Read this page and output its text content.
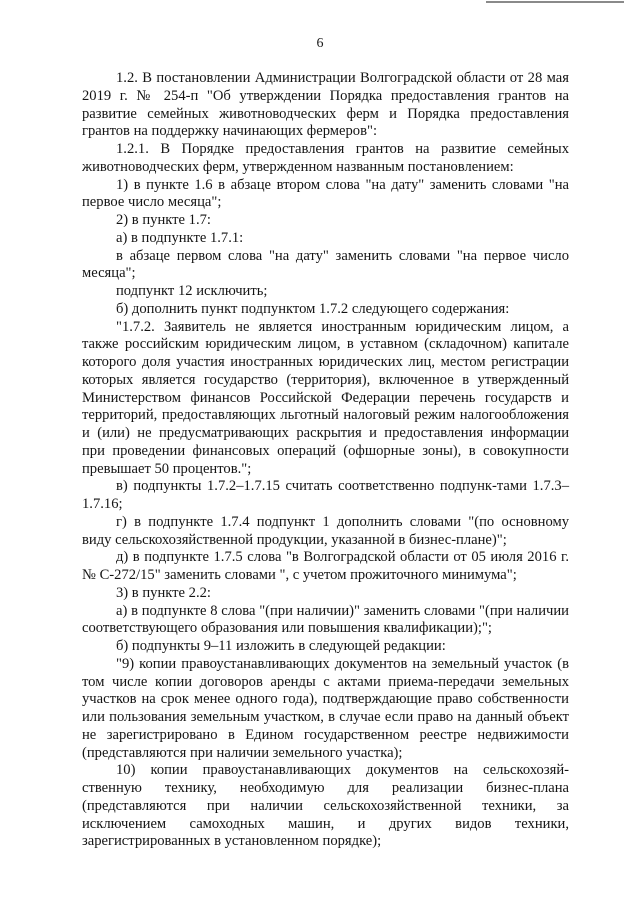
6

1.2. В постановлении Администрации Волгоградской области от 28 мая 2019 г. № 254-п "Об утверждении Порядка предоставления грантов на развитие семейных животноводческих ферм и Порядка предоставления грантов на поддержку начинающих фермеров":

1.2.1. В Порядке предоставления грантов на развитие семейных животноводческих ферм, утвержденном названным постановлением:

1) в пункте 1.6 в абзаце втором слова "на дату" заменить словами "на первое число месяца";

2) в пункте 1.7:

а) в подпункте 1.7.1:

в абзаце первом слова "на дату" заменить словами "на первое число месяца";

подпункт 12 исключить;

б) дополнить пункт подпунктом 1.7.2 следующего содержания:

"1.7.2. Заявитель не является иностранным юридическим лицом, а также российским юридическим лицом, в уставном (складочном) капитале которого доля участия иностранных юридических лиц, местом регистрации которых является государство (территория), включенное в утвержденный Министерством финансов Российской Федерации перечень государств и территорий, предоставляющих льготный налоговый режим налогообложения и (или) не предусматривающих раскрытия и предоставления информации при проведении финансовых операций (офшорные зоны), в совокупности превышает 50 процентов.";

в) подпункты 1.7.2–1.7.15 считать соответственно подпунк-тами 1.7.3–1.7.16;

г) в подпункте 1.7.4 подпункт 1 дополнить словами "(по основному виду сельскохозяйственной продукции, указанной в бизнес-плане)";

д) в подпункте 1.7.5 слова "в Волгоградской области от 05 июля 2016 г. № С-272/15" заменить словами ", с учетом прожиточного минимума";

3) в пункте 2.2:

а) в подпункте 8 слова "(при наличии)" заменить словами "(при наличии соответствующего образования или повышения квалификации);";

б) подпункты 9–11 изложить в следующей редакции:

"9) копии правоустанавливающих документов на земельный участок (в том числе копии договоров аренды с актами приема-передачи земельных участков на срок менее одного года), подтверждающие право собственности или пользования земельным участком, в случае если право на данный объект не зарегистрировано в Едином государственном реестре недвижимости (представляются при наличии земельного участка);

10) копии правоустанавливающих документов на сельскохозяй-ственную технику, необходимую для реализации бизнес-плана (представляются при наличии сельскохозяйственной техники, за исключением самоходных машин, и других видов техники, зарегистрированных в установленном порядке);
